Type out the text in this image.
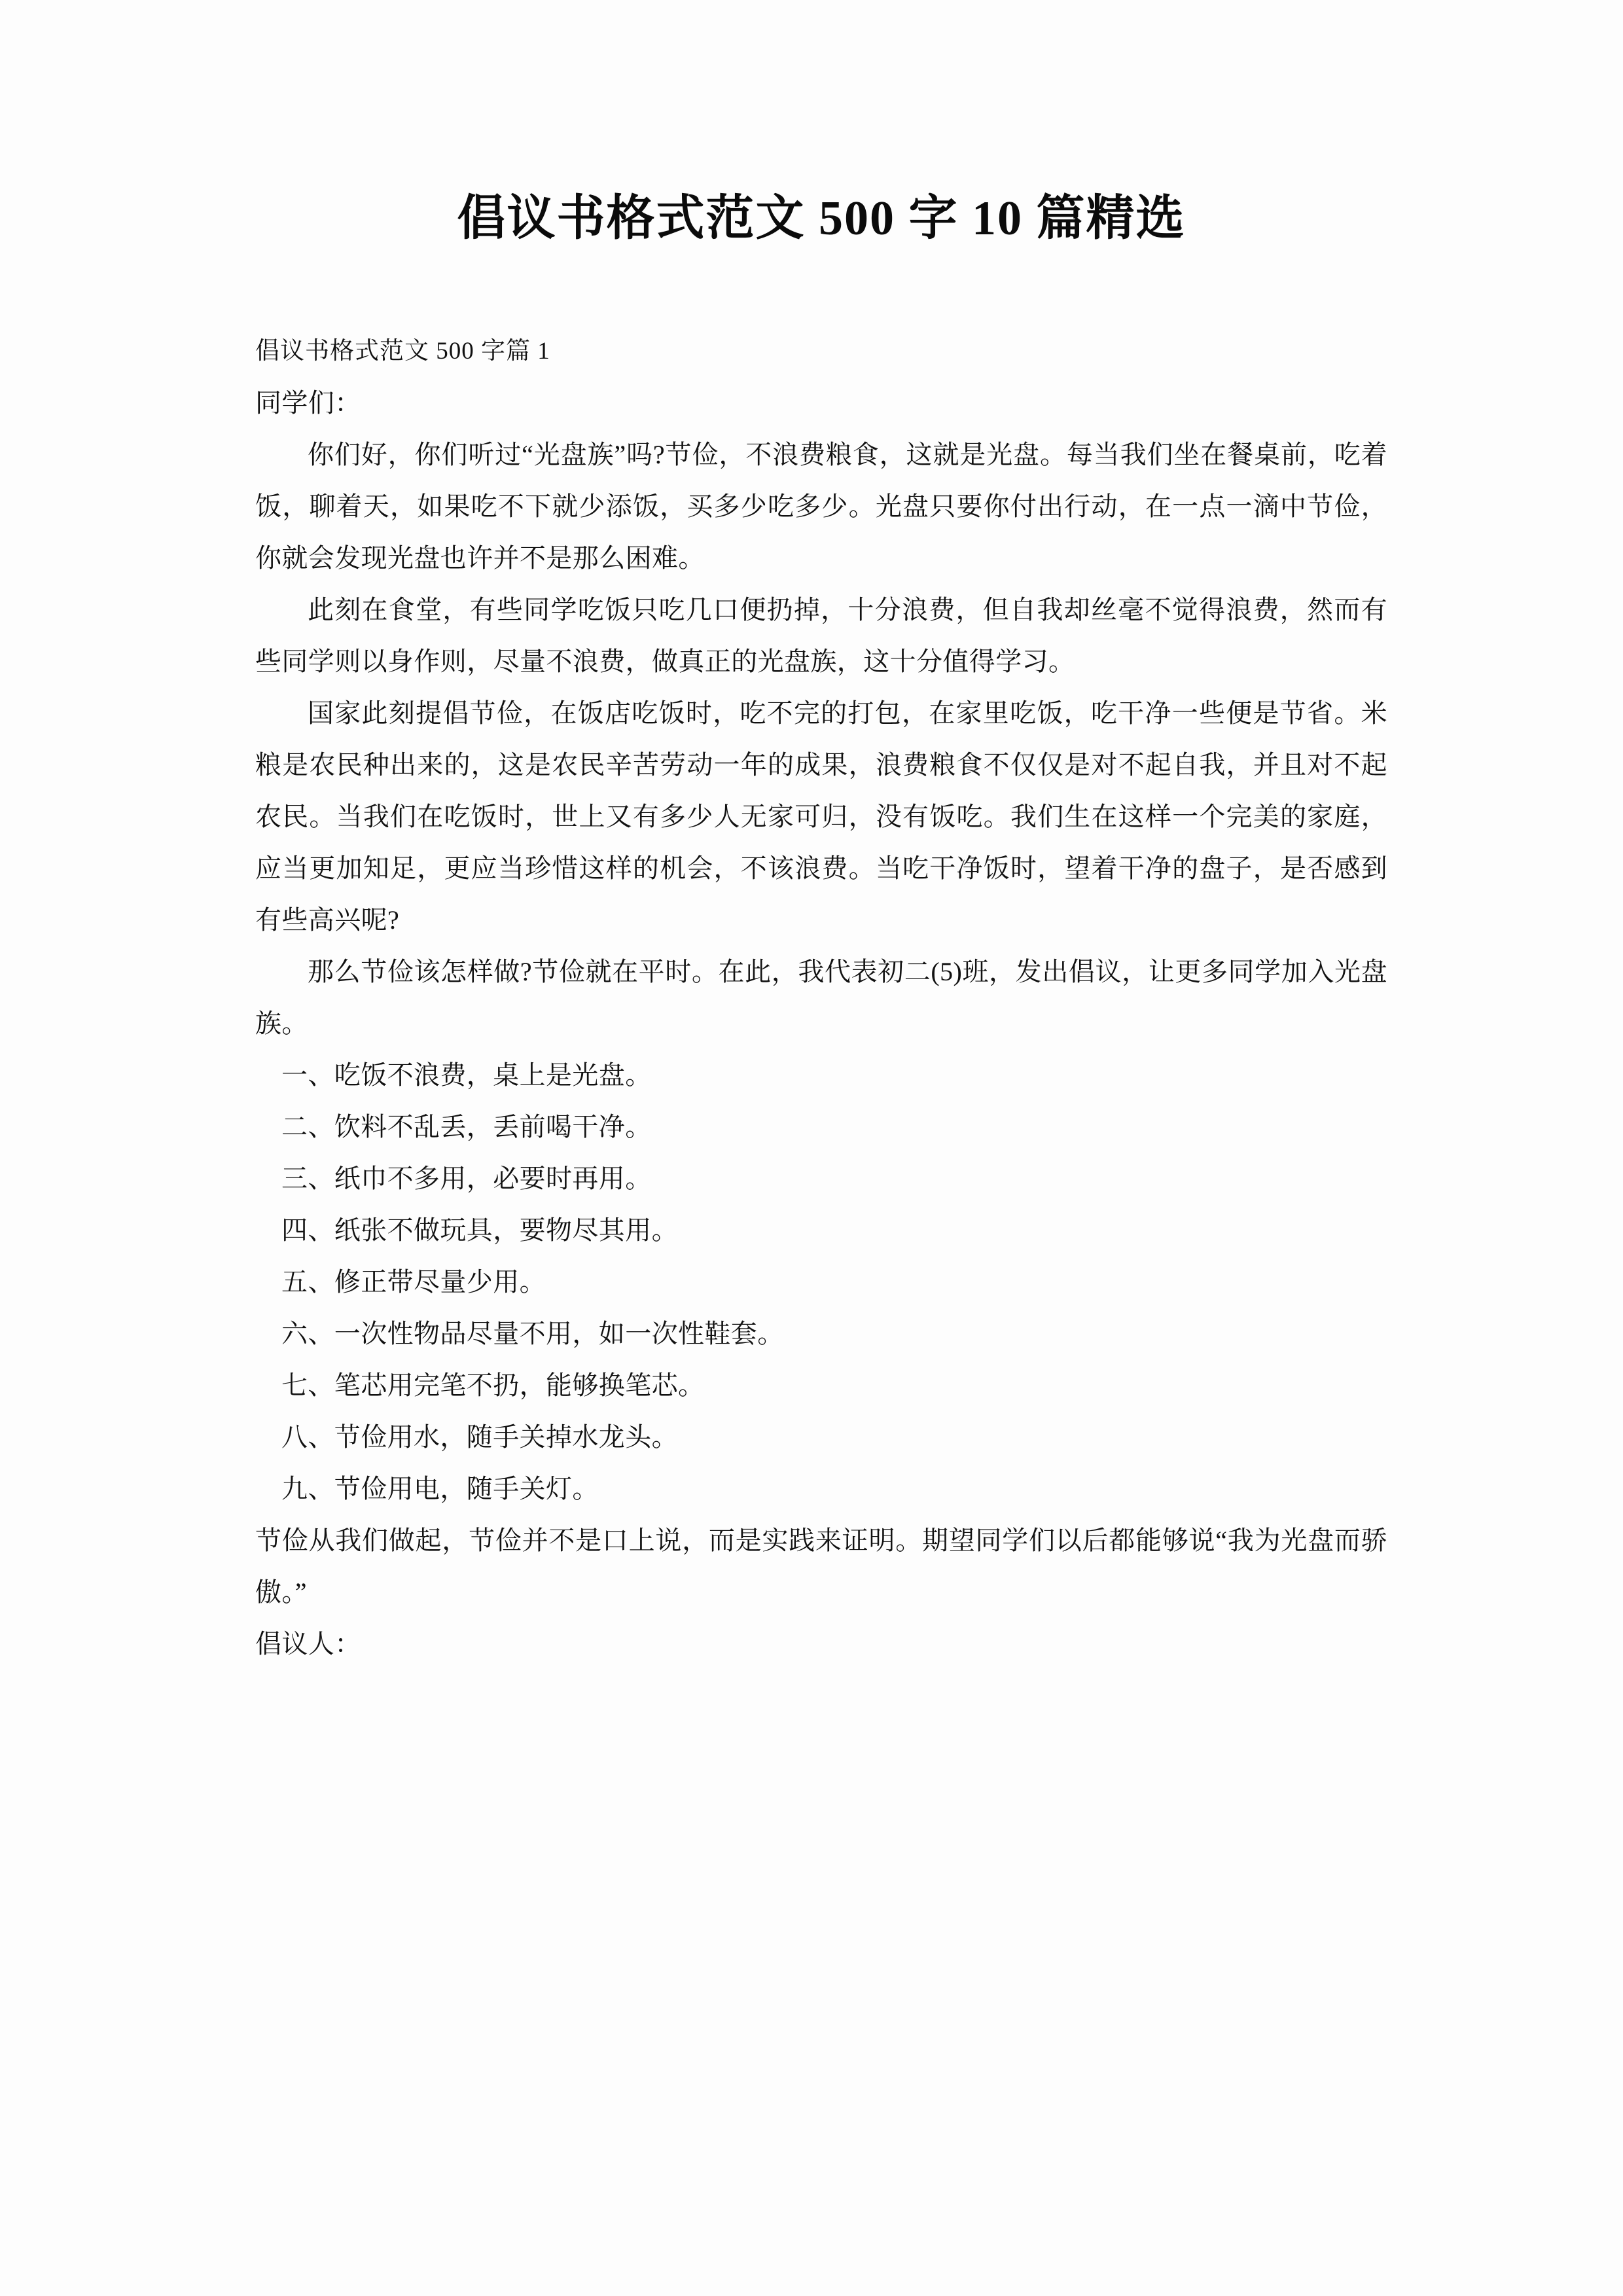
倡议书格式范文 500 字 10 篇精选

倡议书格式范文 500 字篇 1

同学们：

你们好，你们听过“光盘族”吗?节俭，不浪费粮食，这就是光盘。每当我们坐在餐桌前，吃着饭，聊着天，如果吃不下就少添饭，买多少吃多少。光盘只要你付出行动，在一点一滴中节俭，你就会发现光盘也许并不是那么困难。

此刻在食堂，有些同学吃饭只吃几口便扔掉，十分浪费，但自我却丝毫不觉得浪费，然而有些同学则以身作则，尽量不浪费，做真正的光盘族，这十分值得学习。

国家此刻提倡节俭，在饭店吃饭时，吃不完的打包，在家里吃饭，吃干净一些便是节省。米粮是农民种出来的，这是农民辛苦劳动一年的成果，浪费粮食不仅仅是对不起自我，并且对不起农民。当我们在吃饭时，世上又有多少人无家可归，没有饭吃。我们生在这样一个完美的家庭，应当更加知足，更应当珍惜这样的机会，不该浪费。当吃干净饭时，望着干净的盘子，是否感到有些高兴呢?

那么节俭该怎样做?节俭就在平时。在此，我代表初二(5)班，发出倡议，让更多同学加入光盘族。

一、吃饭不浪费，桌上是光盘。

二、饮料不乱丢，丢前喝干净。

三、纸巾不多用，必要时再用。

四、纸张不做玩具，要物尽其用。

五、修正带尽量少用。

六、一次性物品尽量不用，如一次性鞋套。

七、笔芯用完笔不扔，能够换笔芯。

八、节俭用水，随手关掉水龙头。

九、节俭用电，随手关灯。

节俭从我们做起，节俭并不是口上说，而是实践来证明。期望同学们以后都能够说“我为光盘而骄傲。”

倡议人：
